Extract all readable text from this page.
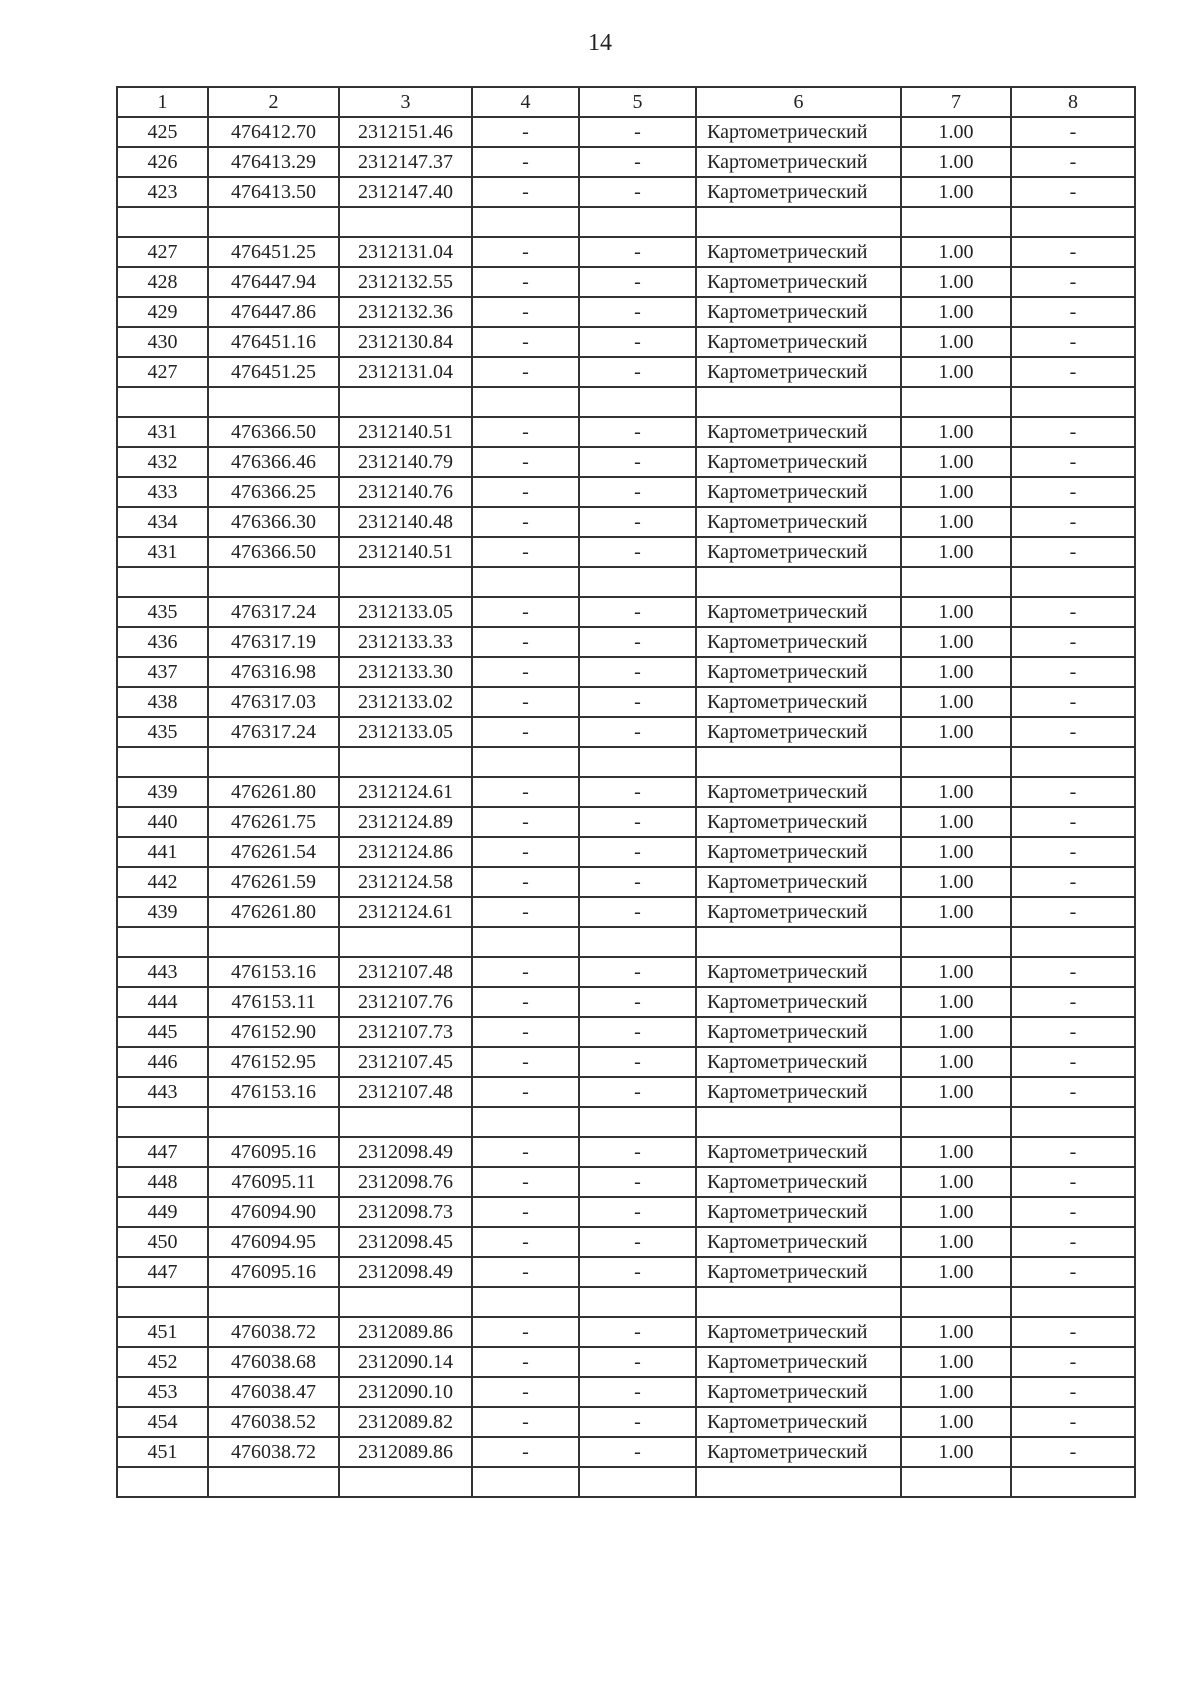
14
1	2	3	4	5	6	7	8
425	476412.70	2312151.46	-	-	Картометрический	1.00	-
426	476413.29	2312147.37	-	-	Картометрический	1.00	-
423	476413.50	2312147.40	-	-	Картометрический	1.00	-

427	476451.25	2312131.04	-	-	Картометрический	1.00	-
428	476447.94	2312132.55	-	-	Картометрический	1.00	-
429	476447.86	2312132.36	-	-	Картометрический	1.00	-
430	476451.16	2312130.84	-	-	Картометрический	1.00	-
427	476451.25	2312131.04	-	-	Картометрический	1.00	-

431	476366.50	2312140.51	-	-	Картометрический	1.00	-
432	476366.46	2312140.79	-	-	Картометрический	1.00	-
433	476366.25	2312140.76	-	-	Картометрический	1.00	-
434	476366.30	2312140.48	-	-	Картометрический	1.00	-
431	476366.50	2312140.51	-	-	Картометрический	1.00	-

435	476317.24	2312133.05	-	-	Картометрический	1.00	-
436	476317.19	2312133.33	-	-	Картометрический	1.00	-
437	476316.98	2312133.30	-	-	Картометрический	1.00	-
438	476317.03	2312133.02	-	-	Картометрический	1.00	-
435	476317.24	2312133.05	-	-	Картометрический	1.00	-

439	476261.80	2312124.61	-	-	Картометрический	1.00	-
440	476261.75	2312124.89	-	-	Картометрический	1.00	-
441	476261.54	2312124.86	-	-	Картометрический	1.00	-
442	476261.59	2312124.58	-	-	Картометрический	1.00	-
439	476261.80	2312124.61	-	-	Картометрический	1.00	-

443	476153.16	2312107.48	-	-	Картометрический	1.00	-
444	476153.11	2312107.76	-	-	Картометрический	1.00	-
445	476152.90	2312107.73	-	-	Картометрический	1.00	-
446	476152.95	2312107.45	-	-	Картометрический	1.00	-
443	476153.16	2312107.48	-	-	Картометрический	1.00	-

447	476095.16	2312098.49	-	-	Картометрический	1.00	-
448	476095.11	2312098.76	-	-	Картометрический	1.00	-
449	476094.90	2312098.73	-	-	Картометрический	1.00	-
450	476094.95	2312098.45	-	-	Картометрический	1.00	-
447	476095.16	2312098.49	-	-	Картометрический	1.00	-

451	476038.72	2312089.86	-	-	Картометрический	1.00	-
452	476038.68	2312090.14	-	-	Картометрический	1.00	-
453	476038.47	2312090.10	-	-	Картометрический	1.00	-
454	476038.52	2312089.82	-	-	Картометрический	1.00	-
451	476038.72	2312089.86	-	-	Картометрический	1.00	-
